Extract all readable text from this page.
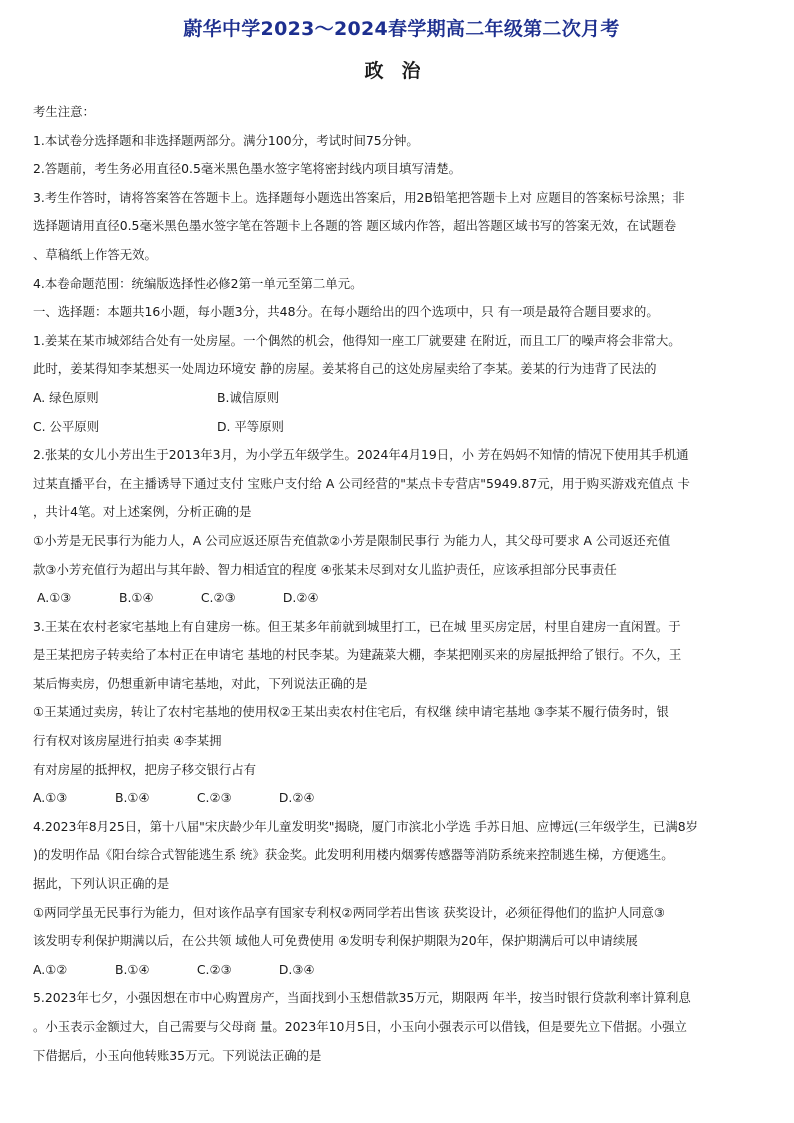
蔚华中学2023～2024春学期高二年级第二次月考
政治
考生注意：
1.本试卷分选择题和非选择题两部分。满分100分，考试时间75分钟。
2.答题前，考生务必用直径0.5毫米黑色墨水签字笔将密封线内项目填写清楚。
3.考生作答时，请将答案答在答题卡上。选择题每小题选出答案后，用2B铅笔把答题卡上对 应题目的答案标号涂黑；非
选择题请用直径0.5毫米黑色墨水签字笔在答题卡上各题的答 题区域内作答，超出答题区域书写的答案无效，在试题卷
、草稿纸上作答无效。
4.本卷命题范围：统编版选择性必修2第一单元至第二单元。
一、选择题：本题共16小题，每小题3分，共48分。在每小题给出的四个选项中，只 有一项是最符合题目要求的。
1.姜某在某市城郊结合处有一处房屋。一个偶然的机会，他得知一座工厂就要建 在附近，而且工厂的噪声将会非常大。
此时，姜某得知李某想买一处周边环境安 静的房屋。姜某将自己的这处房屋卖给了李某。姜某的行为违背了民法的
A. 绿色原则	B.诚信原则
C. 公平原则	D. 平等原则
2.张某的女儿小芳出生于2013年3月，为小学五年级学生。2024年4月19日，小 芳在妈妈不知情的情况下使用其手机通
过某直播平台，在主播诱导下通过支付 宝账户支付给 A 公司经营的"某点卡专营店"5949.87元，用于购买游戏充值点 卡
，共计4笔。对上述案例，分析正确的是
①小芳是无民事行为能力人，A 公司应返还原告充值款②小芳是限制民事行 为能力人，其父母可要求 A 公司返还充值
款③小芳充值行为超出与其年龄、智力相适宜的程度 ④张某未尽到对女儿监护责任，应该承担部分民事责任
A.①③	B.①④	C.②③	D.②④
3.王某在农村老家宅基地上有自建房一栋。但王某多年前就到城里打工，已在城 里买房定居，村里自建房一直闲置。于
是王某把房子转卖给了本村正在申请宅 基地的村民李某。为建蔬菜大棚，李某把刚买来的房屋抵押给了银行。不久，王
某后悔卖房，仍想重新申请宅基地，对此，下列说法正确的是
①王某通过卖房，转让了农村宅基地的使用权②王某出卖农村住宅后，有权继 续申请宅基地 ③李某不履行债务时，银
行有权对该房屋进行拍卖 ④李某拥
有对房屋的抵押权，把房子移交银行占有
A.①③	B.①④	C.②③	D.②④
4.2023年8月25日，第十八届"宋庆龄少年儿童发明奖"揭晓，厦门市滨北小学选 手苏日旭、应博远(三年级学生，已满8岁
)的发明作品《阳台综合式智能逃生系 统》获金奖。此发明利用楼内烟雾传感器等消防系统来控制逃生梯，方便逃生。
据此，下列认识正确的是
①两同学虽无民事行为能力，但对该作品享有国家专利权②两同学若出售该 获奖设计，必须征得他们的监护人同意③
该发明专利保护期满以后，在公共领 域他人可免费使用 ④发明专利保护期限为20年，保护期满后可以申请续展
A.①②	B.①④	C.②③	D.③④
5.2023年七夕，小强因想在市中心购置房产，当面找到小玉想借款35万元，期限两 年半，按当时银行贷款利率计算利息
。小玉表示金额过大，自己需要与父母商 量。2023年10月5日，小玉向小强表示可以借钱，但是要先立下借据。小强立
下借据后，小玉向他转账35万元。下列说法正确的是
